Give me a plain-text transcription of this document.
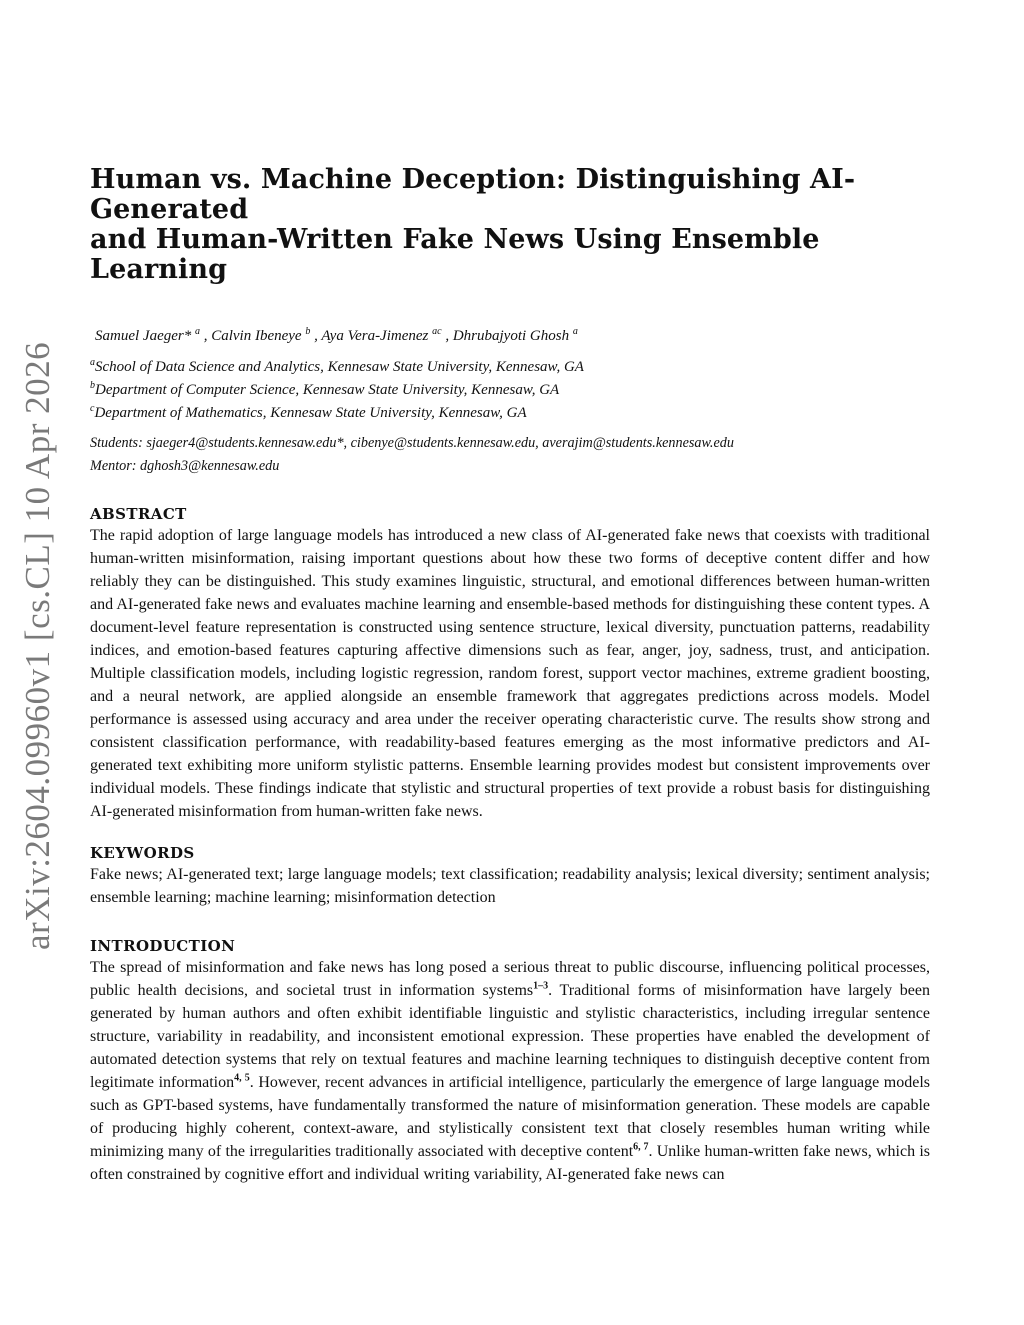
arXiv:2604.09960v1 [cs.CL] 10 Apr 2026
Human vs. Machine Deception: Distinguishing AI-Generated
and Human-Written Fake News Using Ensemble Learning
Samuel Jaeger* $^a$ , Calvin Ibeneye $^b$ , Aya Vera-Jimenez $^{ac}$ , Dhrubajyoti Ghosh $^a$
$^a$School of Data Science and Analytics, Kennesaw State University, Kennesaw, GA
$^b$Department of Computer Science, Kennesaw State University, Kennesaw, GA
$^c$Department of Mathematics, Kennesaw State University, Kennesaw, GA
Students: sjaeger4@students.kennesaw.edu*, cibenye@students.kennesaw.edu, averajim@students.kennesaw.edu
Mentor: dghosh3@kennesaw.edu
ABSTRACT

The rapid adoption of large language models has introduced a new class of AI-generated fake news that coexists with traditional human-written misinformation, raising important questions about how these two forms of deceptive content differ and how reliably they can be distinguished. This study examines linguistic, structural, and emotional differences between human-written and AI-generated fake news and evaluates machine learning and ensemble-based methods for distinguishing these content types. A document-level feature representation is constructed using sentence structure, lexical diversity, punctuation patterns, readability indices, and emotion-based features capturing affective dimensions such as fear, anger, joy, sadness, trust, and anticipation. Multiple classification models, including logistic regression, random forest, support vector machines, extreme gradient boosting, and a neural network, are applied alongside an ensemble framework that aggregates predictions across models. Model performance is assessed using accuracy and area under the receiver operating characteristic curve. The results show strong and consistent classification performance, with readability-based features emerging as the most informative predictors and AI-generated text exhibiting more uniform stylistic patterns. Ensemble learning provides modest but consistent improvements over individual models. These findings indicate that stylistic and structural properties of text provide a robust basis for distinguishing AI-generated misinformation from human-written fake news.

KEYWORDS

Fake news; AI-generated text; large language models; text classification; readability analysis; lexical diversity; sentiment analysis; ensemble learning; machine learning; misinformation detection

INTRODUCTION

The spread of misinformation and fake news has long posed a serious threat to public discourse, influencing political processes, public health decisions, and societal trust in information systems$^{1-3}$. Traditional forms of misinformation have largely been generated by human authors and often exhibit identifiable linguistic and stylistic characteristics, including irregular sentence structure, variability in readability, and inconsistent emotional expression. These properties have enabled the development of automated detection systems that rely on textual features and machine learning techniques to distinguish deceptive content from legitimate information$^{4, 5}$. However, recent advances in artificial intelligence, particularly the emergence of large language models such as GPT-based systems, have fundamentally transformed the nature of misinformation generation. These models are capable of producing highly coherent, context-aware, and stylistically consistent text that closely resembles human writing while minimizing many of the irregularities traditionally associated with deceptive content$^{6, 7}$. Unlike human-written fake news, which is often constrained by cognitive effort and individual writing variability, AI-generated fake news can
